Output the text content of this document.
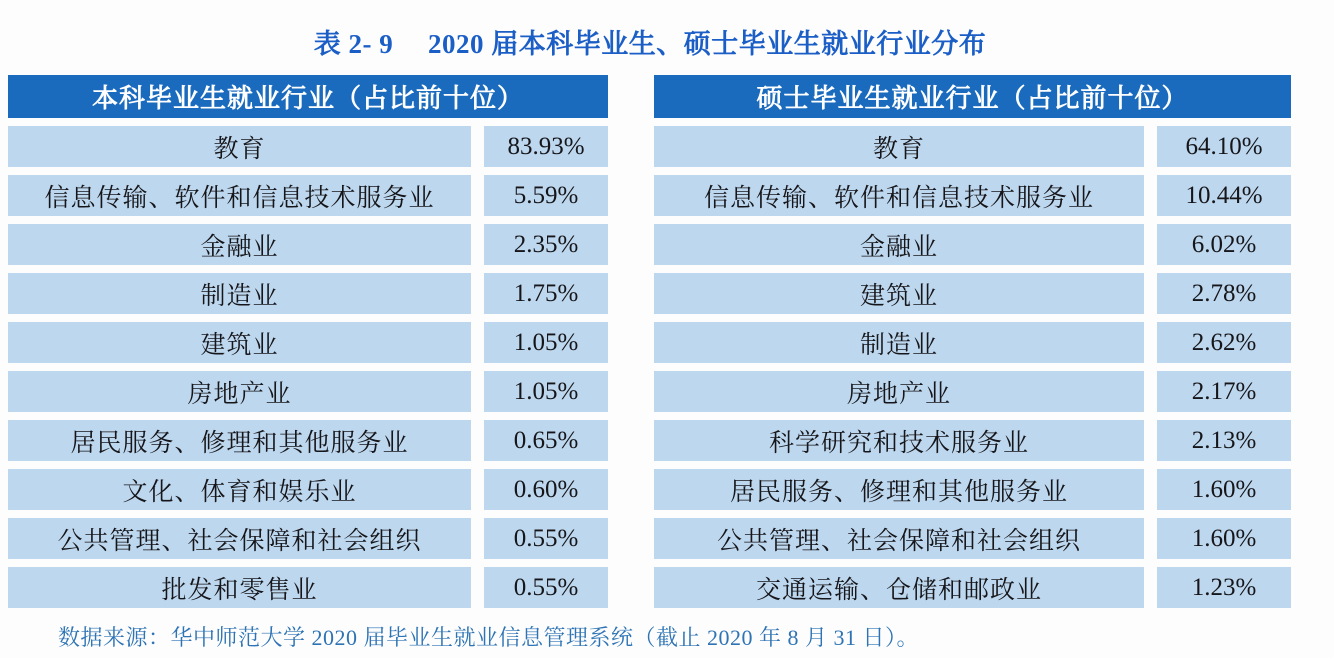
表 2- 9　 2020 届本科毕业生、硕士毕业生就业行业分布
本科毕业生就业行业（占比前十位）
教育	83.93%
信息传输、软件和信息技术服务业	5.59%
金融业	2.35%
制造业	1.75%
建筑业	1.05%
房地产业	1.05%
居民服务、修理和其他服务业	0.65%
文化、体育和娱乐业	0.60%
公共管理、社会保障和社会组织	0.55%
批发和零售业	0.55%
硕士毕业生就业行业（占比前十位）
教育	64.10%
信息传输、软件和信息技术服务业	10.44%
金融业	6.02%
建筑业	2.78%
制造业	2.62%
房地产业	2.17%
科学研究和技术服务业	2.13%
居民服务、修理和其他服务业	1.60%
公共管理、社会保障和社会组织	1.60%
交通运输、仓储和邮政业	1.23%
数据来源：华中师范大学 2020 届毕业生就业信息管理系统（截止 2020 年 8 月 31 日）。
